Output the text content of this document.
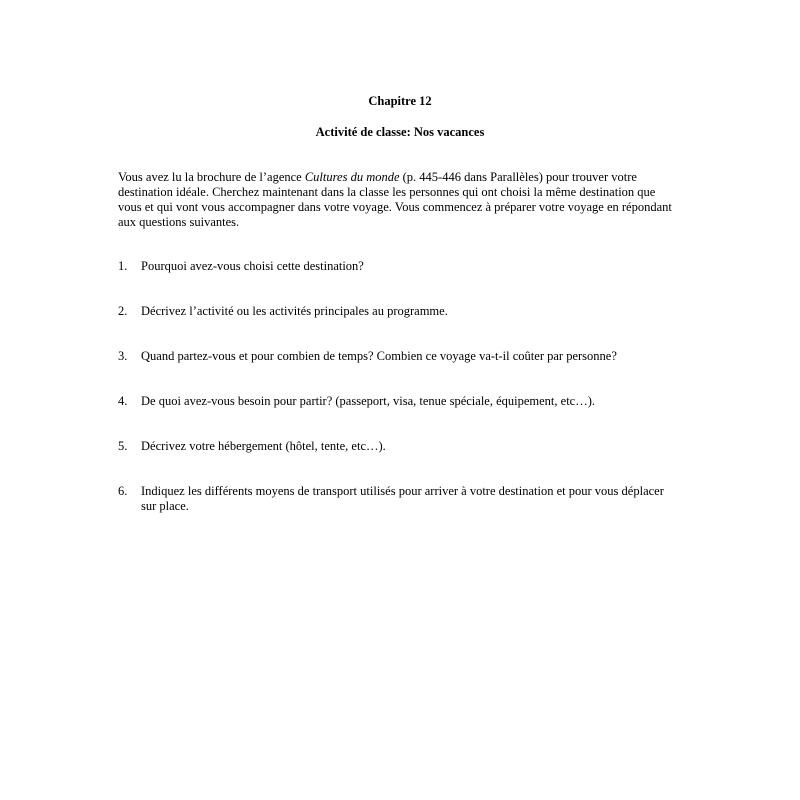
Chapitre 12
Activité de classe: Nos vacances

Vous avez lu la brochure de l’agence Cultures du monde (p. 445-446 dans Parallèles) pour trouver votre destination idéale. Cherchez maintenant dans la classe les personnes qui ont choisi la même destination que vous et qui vont vous accompagner dans votre voyage. Vous commencez à préparer votre voyage en répondant aux questions suivantes.

1. Pourquoi avez-vous choisi cette destination?
2. Décrivez l’activité ou les activités principales au programme.
3. Quand partez-vous et pour combien de temps? Combien ce voyage va-t-il coûter par personne?
4. De quoi avez-vous besoin pour partir? (passeport, visa, tenue spéciale, équipement, etc…).
5. Décrivez votre hébergement (hôtel, tente, etc…).
6. Indiquez les différents moyens de transport utilisés pour arriver à votre destination et pour vous déplacer sur place.
